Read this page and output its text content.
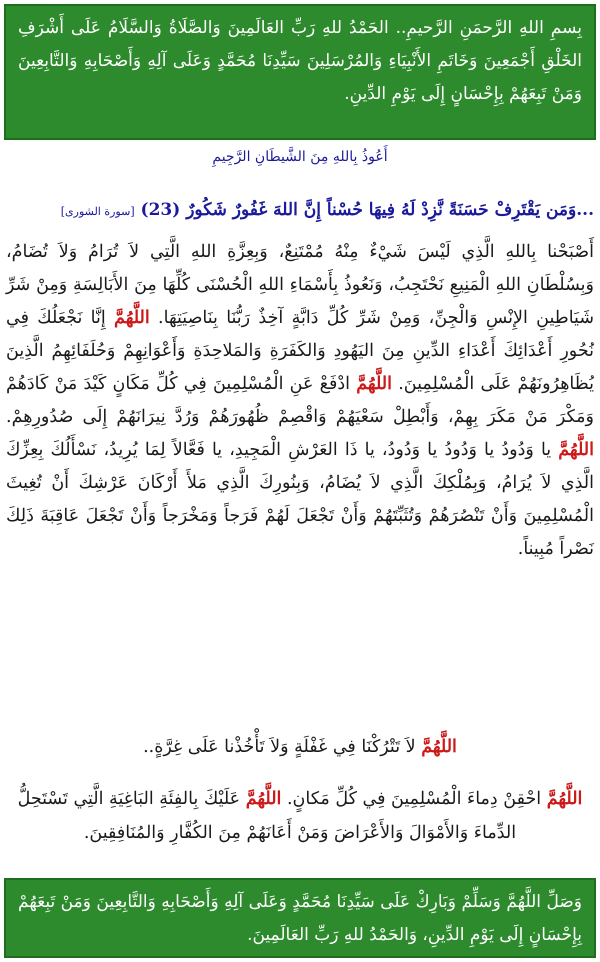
بِسمِ اللهِ الرَّحمَنِ الرَّحيمِ.. الحَمْدُ للهِ رَبِّ العَالَمِينَ وَالصَّلَاةُ وَالسَّلَامُ عَلَى أَشْرَفِ الخَلْقِ أَجْمَعِينَ وَخَاتَمِ الأَنْبِيَاءِ وَالمُرْسَلِينَ سَيِّدِنَا مُحَمَّدٍ وَعَلَى آلِهِ وَأَصْحَابِهِ وَالتَّابِعِينَ وَمَنْ تَبِعَهُمْ بِإِحْسَانٍ إِلَى يَوْمِ الدِّينِ.
أَعُوذُ بِاللهِ مِنَ الشَّيطَانِ الرَّجِيمِ
...وَمَن يَقْتَرِفْ حَسَنَةً نَّزِدْ لَهُ فِيهَا حُسْناً إِنَّ اللهَ غَفُورٌ شَكُورٌ (23) [سورة الشورى]
أَصْبَحْنا بِاللهِ الَّذِي لَيْسَ شَيْءٌ مِنْهُ مُمْتَنِعٌ، وَبِعِزَّةِ اللهِ الَّتِي لاَ تُرَامُ وَلاَ تُضَامُ، وَبِسُلْطَانِ اللهِ الْمَنِيعِ نَحْتَجِبُ، وَنَعُوذُ بِأَسْمَاءِ اللهِ الْحُسْنَى كُلِّهَا مِنَ الأَبَالِسَةِ وَمِنْ شَرِّ شَيَاطِينِ الإِنْسِ وَالْجِنِّ، وَمِنْ شَرِّ كُلِّ دَابَّةٍ آخِذٌ رَبُّنَا بِنَاصِيَتِهَا. اللَّهُمَّ إِنَّا نَجْعَلُكَ فِي نُحُورِ أَعْدَائِكَ أَعْدَاءِ الدِّينِ مِنَ اليَهُودِ وَالكَفَرَةِ وَالمَلاحِدَةِ وَأَعْوَانِهِمْ وَحُلَفَائِهِمُ الَّذِينَ يُظَاهِرُونَهُمْ عَلَى الْمُسْلِمِينَ. اللَّهُمَّ ادْفَعْ عَنِ الْمُسْلِمِينَ فِي كُلِّ مَكَانٍ كَيْدَ مَنْ كَادَهُمْ وَمَكْرَ مَنْ مَكَرَ بِهِمْ، وَأَبْطِلْ سَعْيَهُمْ وَاقْصِمْ ظُهُورَهُمْ وَرُدَّ نِيرَانَهُمْ إِلَى صُدُورِهِمْ. اللَّهُمَّ يا وَدُودُ يا وَدُودُ يا وَدُودُ، يا ذَا العَرْشِ الْمَجِيدِ، يا فَعَّالاً لِمَا يُرِيدُ، نَسْأَلُكَ بِعِزِّكَ الَّذِي لاَ يُرَامُ، وَبِمُلْكِكَ الَّذِي لاَ يُضَامُ، وَبِنُورِكَ الَّذِي مَلأَ أَرْكَانَ عَرْشِكَ أَنْ تُغِيثَ الْمُسْلِمِينَ وَأَنْ تَنْصُرَهُمْ وَتُثَبِّتَهُمْ وَأَنْ تَجْعَلَ لَهُمْ فَرَجاً وَمَخْرَجاً وَأَنْ تَجْعَلَ عَاقِبَةَ ذَلِكَ نَصْراً مُبِيناً.
اللَّهُمَّ لاَ تَتْرُكْنَا فِي غَفْلَةٍ وَلاَ تَأْخُذْنا عَلَى غِرَّةٍ..
اللَّهُمَّ احْقِنْ دِماءَ الْمُسْلِمِينَ فِي كُلِّ مَكانٍ. اللَّهُمَّ عَلَيْكَ بِالفِئَةِ البَاغِيَةِ الَّتِي تَسْتَحِلُّ الدِّماءَ وَالأَمْوَالَ وَالأَعْرَاضَ وَمَنْ أَعَانَهُمْ مِنَ الكُفَّارِ وَالمُنَافِقِينَ.
وَصَلِّ اللَّهُمَّ وَسَلِّمْ وَبَارِكْ عَلَى سَيِّدِنَا مُحَمَّدٍ وَعَلَى آلِهِ وَأَصْحَابِهِ وَالتَّابِعِينَ وَمَنْ تَبِعَهُمْ بِإِحْسَانٍ إِلَى يَوْمِ الدِّينِ، وَالحَمْدُ للهِ رَبِّ العَالَمِينَ.
